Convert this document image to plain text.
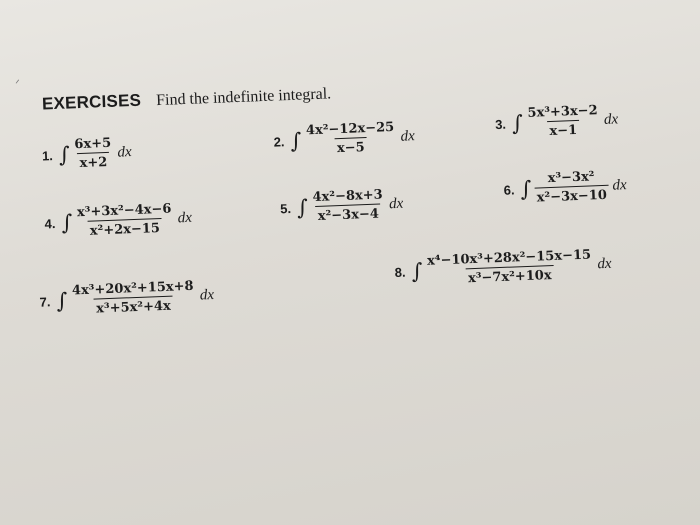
ᐟ
EXERCISES Find the indefinite integral.
1. ∫ $\frac{6x+5}{x+2}$ dx
2. ∫ $\frac{\text{4x²−12x−25}}{x-5}$ dx
3. ∫ $\frac{\text{5x³+3x−2}}{x-1}$ dx
4. ∫ $\frac{\text{x³+3x²−4x−6}}{\text{x²+2x−15}}$ dx
5. ∫ $\frac{\text{4x²−8x+3}}{\text{x²−3x−4}}$ dx
6. ∫ $\frac{\text{x³−3x²}}{\text{x²−3x−10}}$ dx
7. ∫ $\frac{\text{4x³+20x²+15x+8}}{\text{x³+5x²+4x}}$ dx
8. ∫ $\frac{\text{x⁴−10x³+28x²−15x−15}}{\text{x³−7x²+10x}}$ dx
